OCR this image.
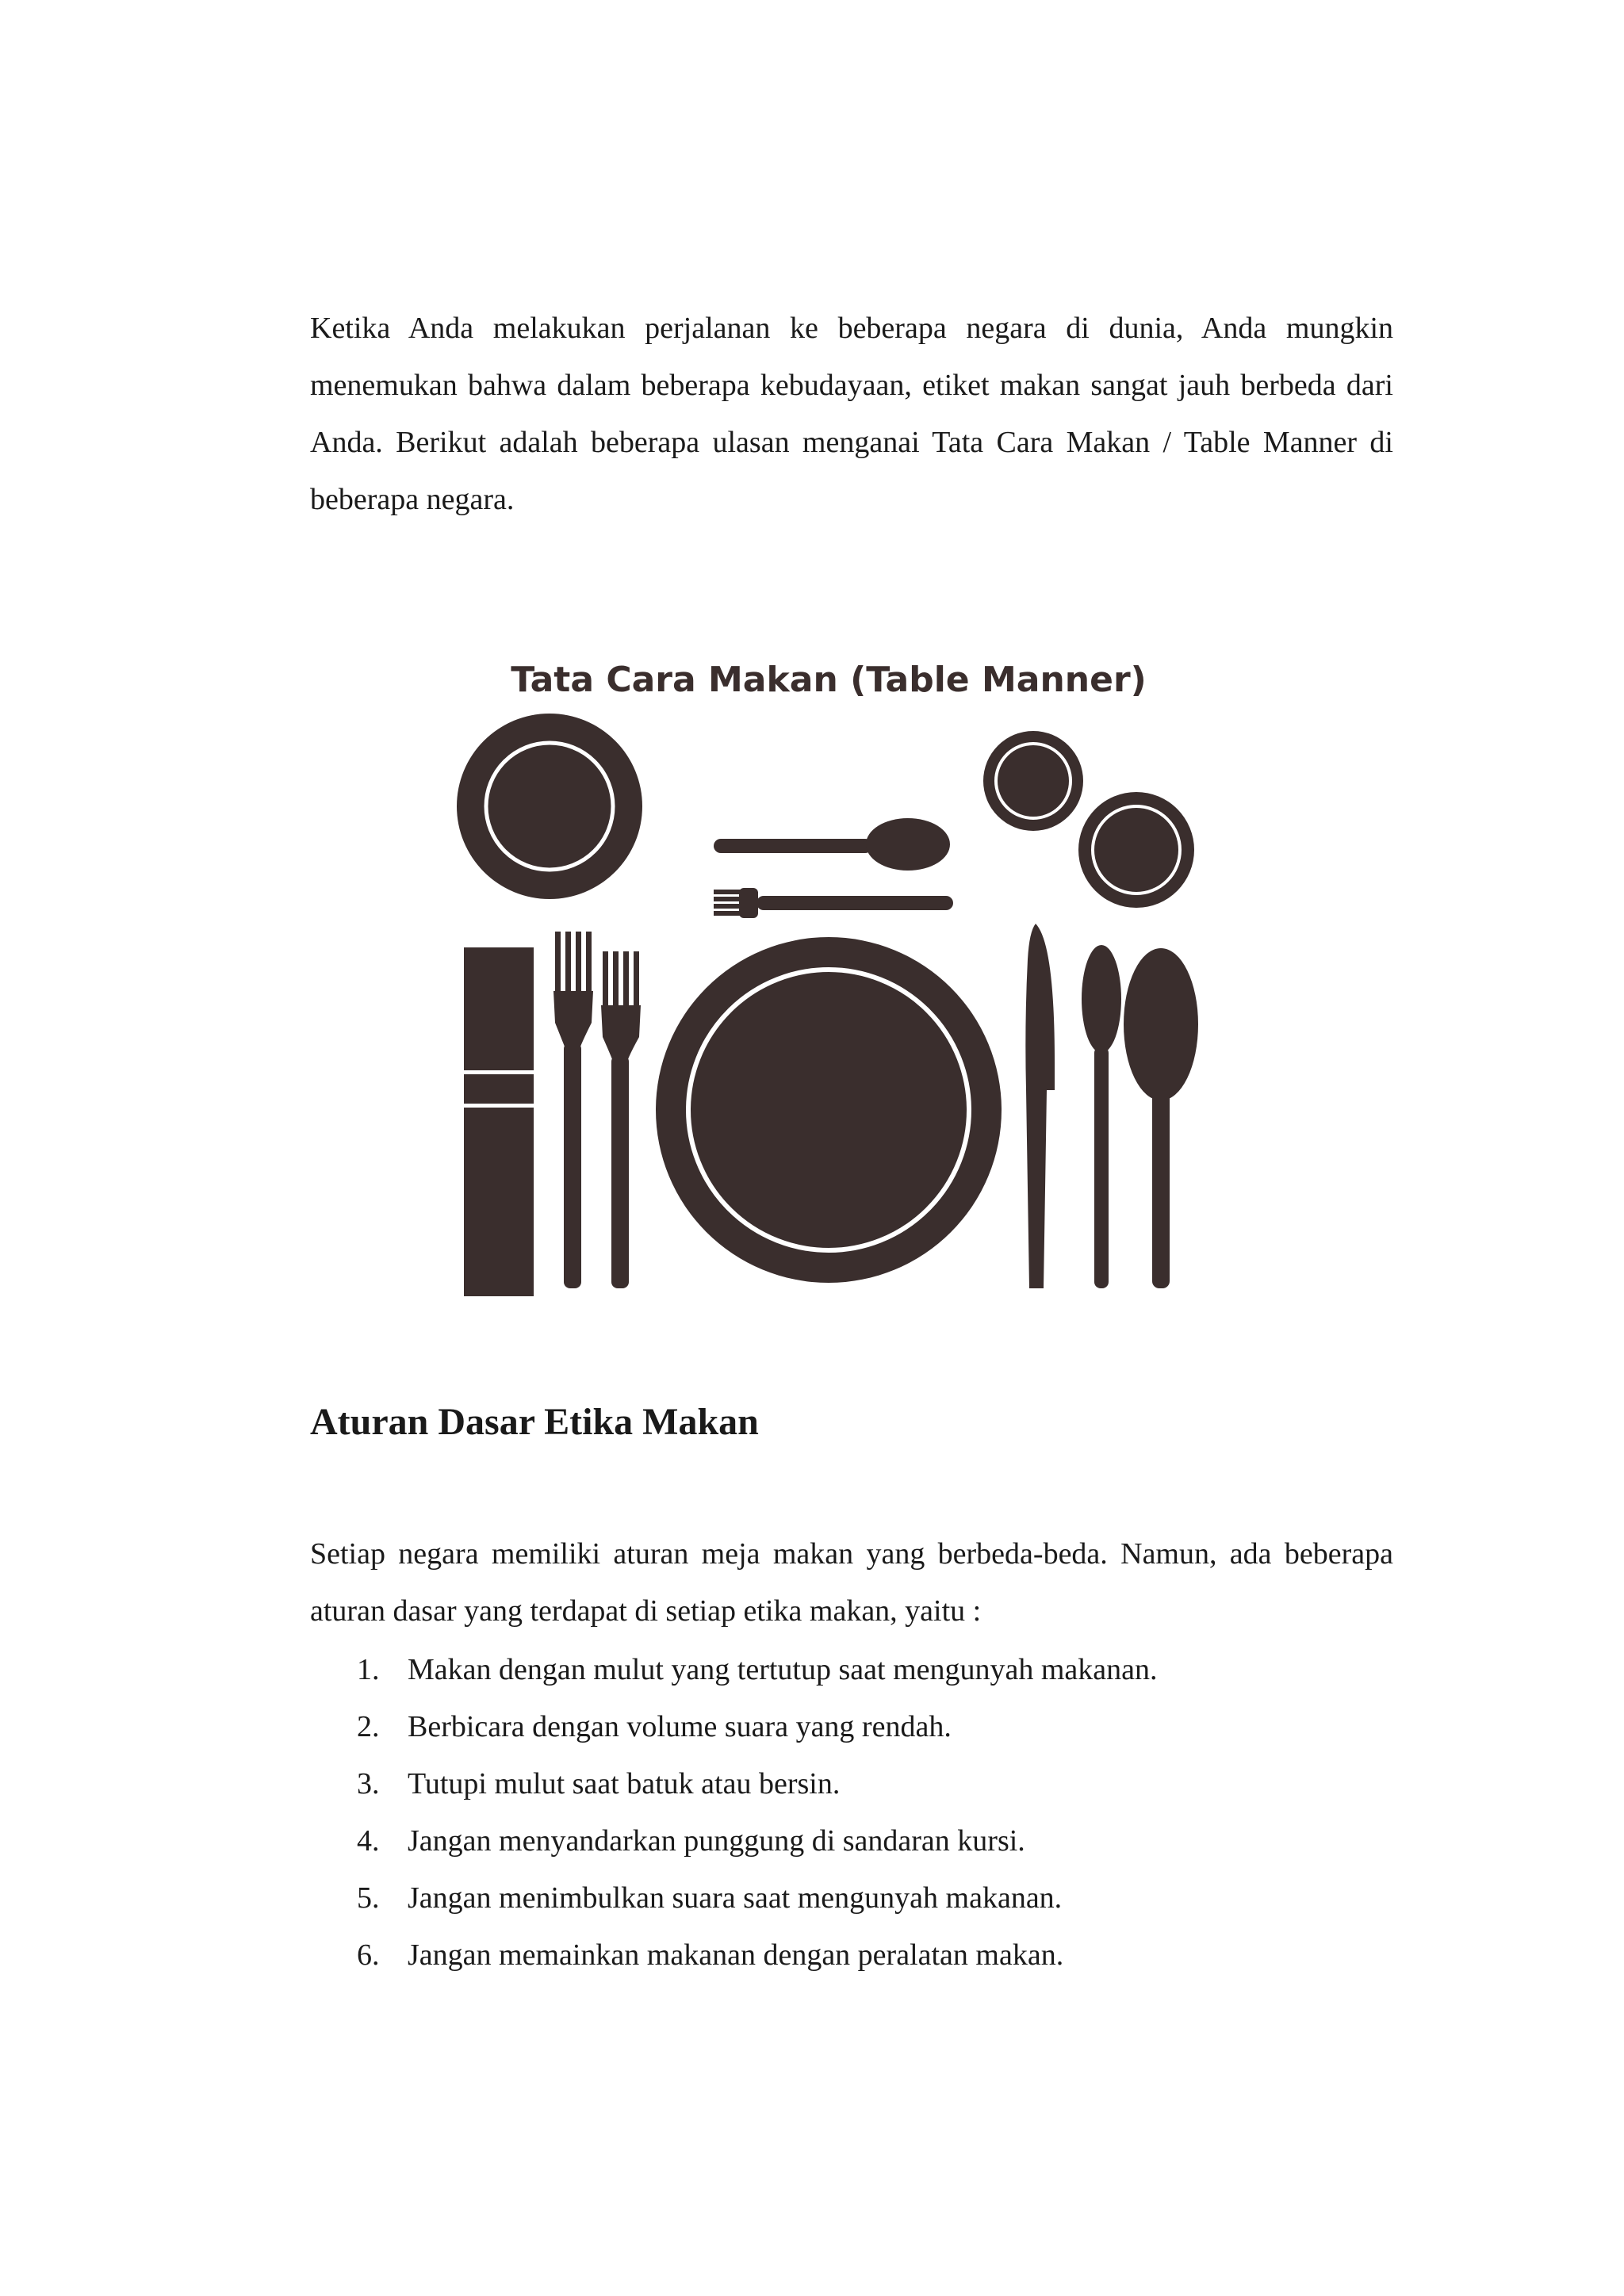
Ketika Anda melakukan perjalanan ke beberapa negara di dunia, Anda mungkin menemukan bahwa dalam beberapa kebudayaan, etiket makan sangat jauh berbeda dari Anda. Berikut adalah beberapa ulasan menganai Tata Cara Makan / Table Manner di beberapa negara.

Tata Cara Makan (Table Manner)
Aturan Dasar Etika Makan

Setiap negara memiliki aturan meja makan yang berbeda-beda. Namun, ada beberapa aturan dasar yang terdapat di setiap etika makan, yaitu :

1. Makan dengan mulut yang tertutup saat mengunyah makanan.
2. Berbicara dengan volume suara yang rendah.
3. Tutupi mulut saat batuk atau bersin.
4. Jangan menyandarkan punggung di sandaran kursi.
5. Jangan menimbulkan suara saat mengunyah makanan.
6. Jangan memainkan makanan dengan peralatan makan.
